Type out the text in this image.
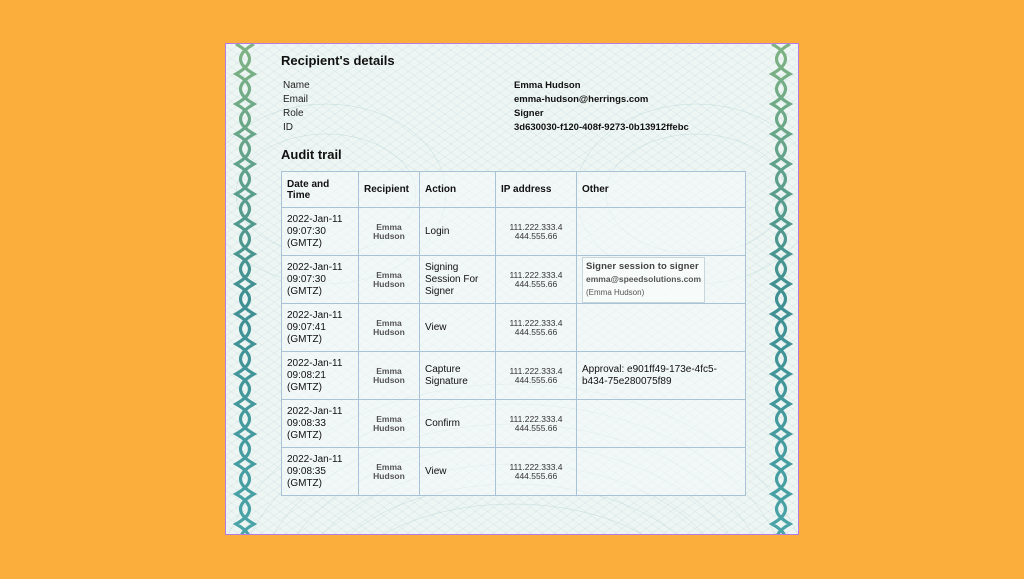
Recipient's details
Name	Emma Hudson
Email	emma-hudson@herrings.com
Role	Signer
ID	3d630030-f120-408f-9273-0b13912ffebc
Audit trail
Date and Time	Recipient	Action	IP address	Other
2022-Jan-11 09:07:30 (GMTZ)	Emma Hudson	Login	111.222.333.4 444.555.66	
2022-Jan-11 09:07:30 (GMTZ)	Emma Hudson	Signing Session For Signer	111.222.333.4 444.555.66	Signer session to signer
emma@speedsolutions.com
(Emma Hudson)

2022-Jan-11 09:07:41 (GMTZ)	Emma Hudson	View	111.222.333.4 444.555.66	
2022-Jan-11 09:08:21 (GMTZ)	Emma Hudson	Capture Signature	111.222.333.4 444.555.66	Approval: e901ff49-173e-4fc5-b434-75e280075f89
2022-Jan-11 09:08:33 (GMTZ)	Emma Hudson	Confirm	111.222.333.4 444.555.66	
2022-Jan-11 09:08:35 (GMTZ)	Emma Hudson	View	111.222.333.4 444.555.66	
